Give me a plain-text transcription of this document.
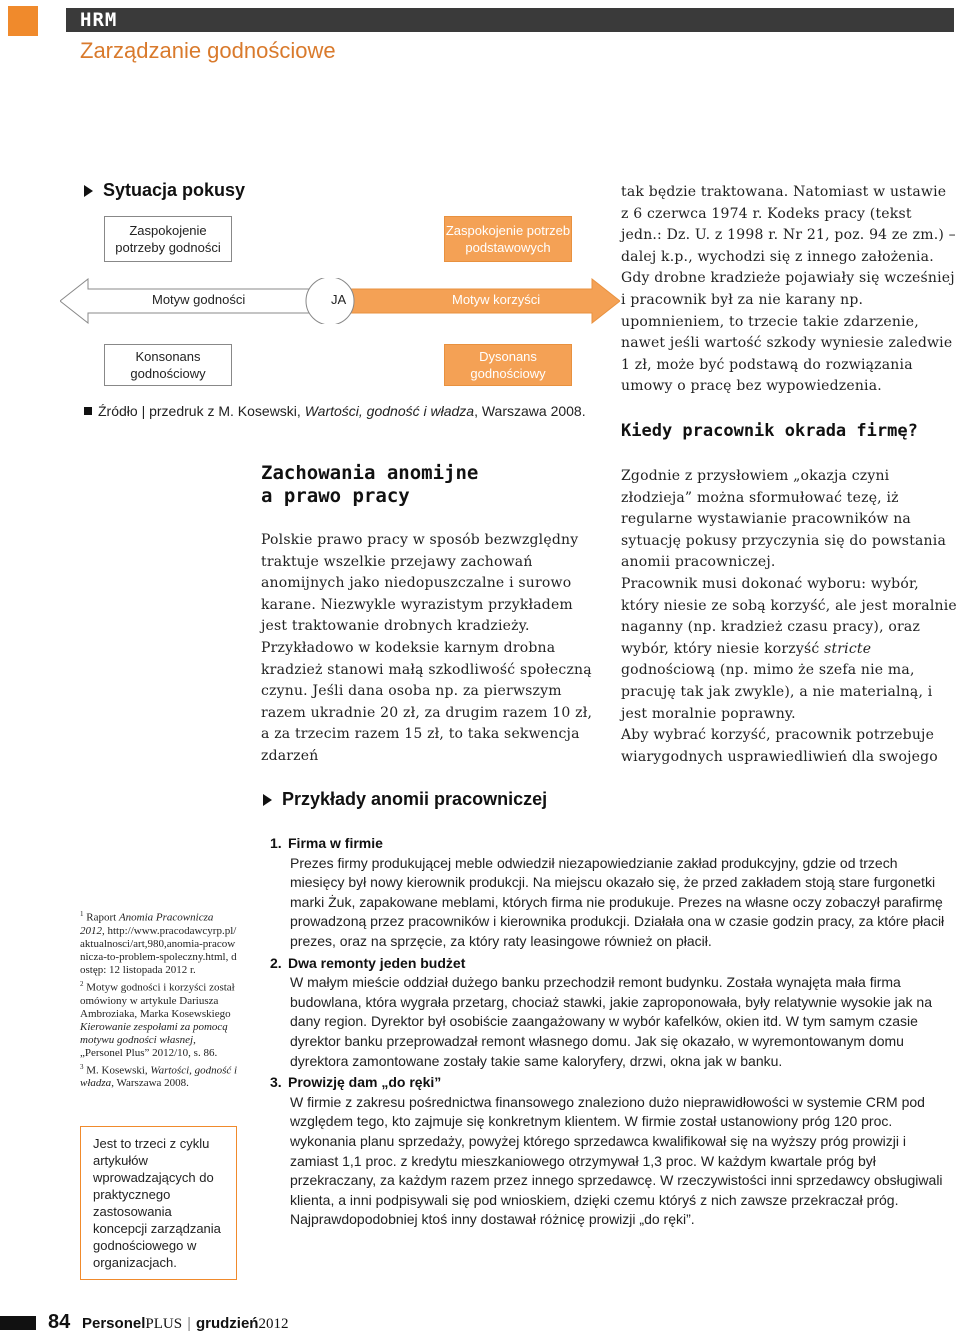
HRM
Zarządzanie godnościowe
Sytuacja pokusy
Zaspokojenie
potrzeby godności
Zaspokojenie potrzeb
podstawowych
Motyw godności	JA	Motyw korzyści
Konsonans
godnościowy
Dysonans
godnościowy
Źródło | przedruk z M. Kosewski, Wartości, godność i władza, Warszawa 2008.
tak będzie traktowana. Natomiast w ustawie z 6 czerwca 1974 r. Kodeks pracy (tekst jedn.: Dz. U. z 1998 r. Nr 21, poz. 94 ze zm.) – dalej k.p., wychodzi się z innego założenia. Gdy drobne kradzieże pojawiały się wcześniej i pracownik był za nie karany np. upomnieniem, to trzecie takie zdarzenie, nawet jeśli wartość szkody wyniesie zaledwie 1 zł, może być podstawą do rozwiązania umowy o pracę bez wypowiedzenia.
Kiedy pracownik okrada firmę?

Zgodnie z przysłowiem „okazja czyni złodzieja” można sformułować tezę, iż regularne wystawianie pracowników na sytuację pokusy przyczynia się do powstania anomii pracowniczej.

Pracownik musi dokonać wyboru: wybór, który niesie ze sobą korzyść, ale jest moralnie naganny (np. kradzież czasu pracy), oraz wybór, który niesie korzyść stricte godnościową (np. mimo że szefa nie ma, pracuję tak jak zwykle), a nie materialną, i jest moralnie poprawny.

Aby wybrać korzyść, pracownik potrzebuje wiarygodnych usprawiedliwień dla swojego

Zachowania anomijne
a prawo pracy
Polskie prawo pracy w sposób bezwzględny traktuje wszelkie przejawy zachowań anomijnych jako niedopuszczalne i surowo karane. Niezwykle wyrazistym przykładem jest traktowanie drobnych kradzieży. Przykładowo w kodeksie karnym drobna kradzież stanowi małą szkodliwość społeczną czynu. Jeśli dana osoba np. za pierwszym razem ukradnie 20 zł, za drugim razem 10 zł, a za trzecim razem 15 zł, to taka sekwencja zdarzeń
Przykłady anomii pracowniczej
1. Firma w firmie
Prezes firmy produkującej meble odwiedził niezapowiedzianie zakład produkcyjny, gdzie od trzech miesięcy był nowy kierownik produkcji. Na miejscu okazało się, że przed zakładem stoją stare furgonetki marki Żuk, zapakowane meblami, których firma nie produkuje. Prezes na własne oczy zobaczył parafirmę prowadzoną przez pracowników i kierownika produkcji. Działała ona w czasie godzin pracy, za które płacił prezes, oraz na sprzęcie, za który raty leasingowe również on płacił.
2. Dwa remonty jeden budżet
W małym mieście oddział dużego banku przechodził remont budynku. Została wynajęta mała firma budowlana, która wygrała przetarg, chociaż stawki, jakie zaproponowała, były relatywnie wysokie jak na dany region. Dyrektor był osobiście zaangażowany w wybór kafelków, okien itd. W tym samym czasie dyrektor banku przeprowadzał remont własnego domu. Jak się okazało, w wyremontowanym domu dyrektora zamontowane zostały takie same kaloryfery, drzwi, okna jak w banku.
3. Prowizję dam „do ręki”
W firmie z zakresu pośrednictwa finansowego znaleziono dużo nieprawidłowości w systemie CRM pod względem tego, kto zajmuje się konkretnym klientem. W firmie został ustanowiony próg 120 proc. wykonania planu sprzedaży, powyżej którego sprzedawca kwalifikował się na wyższy próg prowizji i zamiast 1,1 proc. z kredytu mieszkaniowego otrzymywał 1,3 proc. W każdym kwartale próg był przekraczany, za każdym razem przez innego sprzedawcę. W rzeczywistości inni sprzedawcy obsługiwali klienta, a inni podpisywali się pod wnioskiem, dzięki czemu któryś z nich zawsze przekraczał próg. Najprawdopodobniej ktoś inny dostawał różnicę prowizji „do ręki”.

$^1$ Raport Anomia Pracownicza 2012, http://www.pracodawcyrp.pl/aktualnosci/art,980,anomia-pracownicza-to-problem-spoleczny.html, dostęp: 12 listopada 2012 r.

$^2$ Motyw godności i korzyści został omówiony w artykule Dariusza Ambroziaka, Marka Kosewskiego Kierowanie zespołami za pomocą motywu godności własnej, „Personel Plus” 2012/10, s. 86.

$^3$ M. Kosewski, Wartości, godność i władza, Warszawa 2008.

Jest to trzeci z cyklu artykułów wprowadzających do praktycznego zastosowania koncepcji zarządzania godnościowego w organizacjach.
84 PersonelPLUS | grudzień2012
